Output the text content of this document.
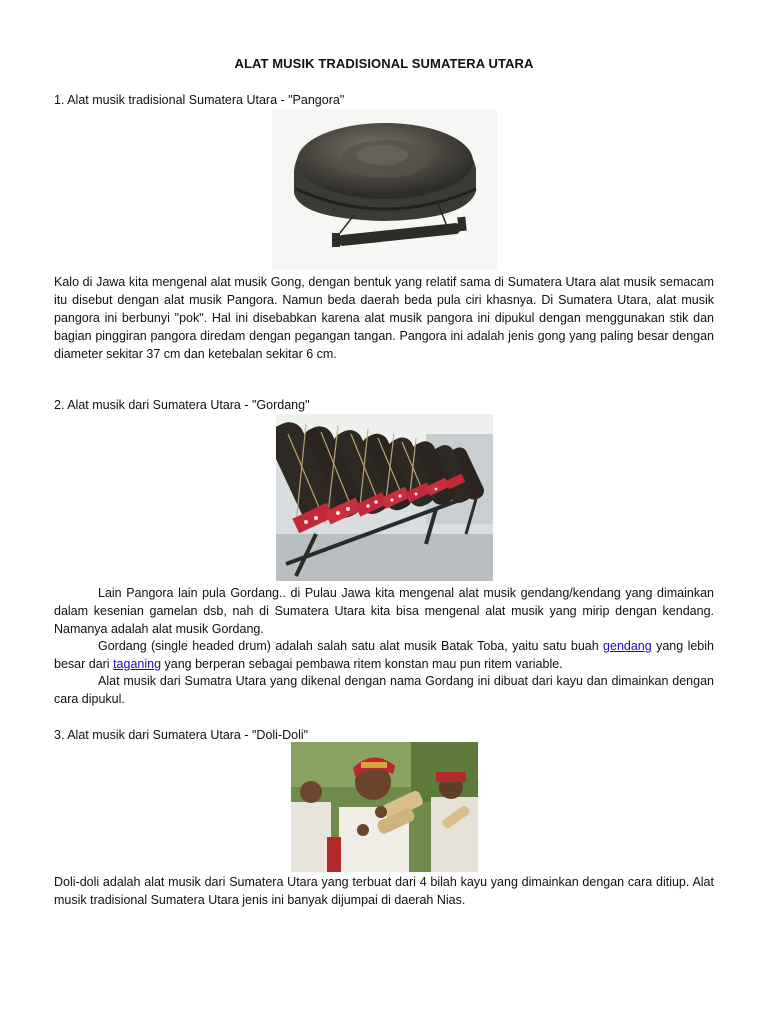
ALAT MUSIK TRADISIONAL SUMATERA UTARA
1. Alat musik tradisional Sumatera Utara - "Pangora"

Kalo di Jawa kita mengenal alat musik Gong, dengan bentuk yang relatif sama di Sumatera Utara alat musik semacam itu disebut dengan alat musik Pangora. Namun beda daerah beda pula ciri khasnya. Di Sumatera Utara, alat musik pangora ini berbunyi "pok". Hal ini disebabkan karena alat musik pangora ini dipukul dengan menggunakan stik dan bagian pinggiran pangora diredam dengan pegangan tangan. Pangora ini adalah jenis gong yang paling besar dengan diameter sekitar 37 cm dan ketebalan sekitar 6 cm.

2. Alat musik dari Sumatera Utara - "Gordang"

Lain Pangora lain pula Gordang.. di Pulau Jawa kita mengenal alat musik gendang/kendang yang dimainkan dalam kesenian gamelan dsb, nah di Sumatera Utara kita bisa mengenal alat musik yang mirip dengan kendang. Namanya adalah alat musik Gordang.

Gordang (single headed drum) adalah salah satu alat musik Batak Toba, yaitu satu buah gendang yang lebih besar dari taganing yang berperan sebagai pembawa ritem konstan mau pun ritem variable.

Alat musik dari Sumatra Utara yang dikenal dengan nama Gordang ini dibuat dari kayu dan dimainkan dengan cara dipukul.

3. Alat musik dari Sumatera Utara - "Doli-Doli"

Doli-doli adalah alat musik dari Sumatera Utara yang terbuat dari 4 bilah kayu yang dimainkan dengan cara ditiup. Alat musik tradisional Sumatera Utara jenis ini banyak dijumpai di daerah Nias.
